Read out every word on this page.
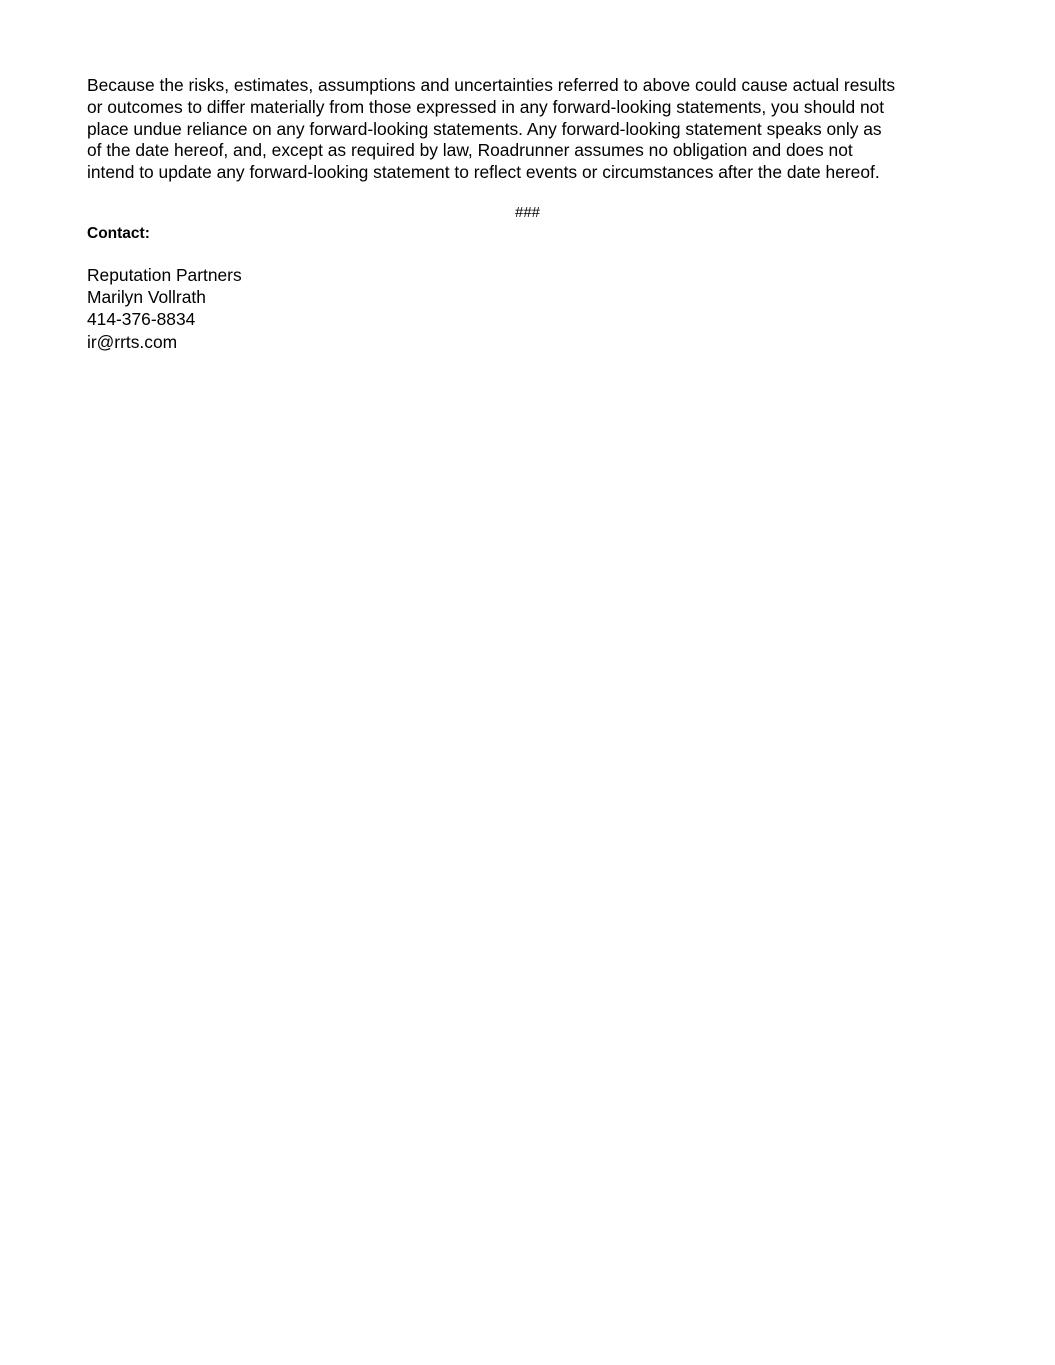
Because the risks, estimates, assumptions and uncertainties referred to above could cause actual results
or outcomes to differ materially from those expressed in any forward-looking statements, you should not
place undue reliance on any forward-looking statements. Any forward-looking statement speaks only as
of the date hereof, and, except as required by law, Roadrunner assumes no obligation and does not
intend to update any forward-looking statement to reflect events or circumstances after the date hereof.

###

Contact:

Reputation Partners
Marilyn Vollrath
414-376-8834
ir@rrts.com
